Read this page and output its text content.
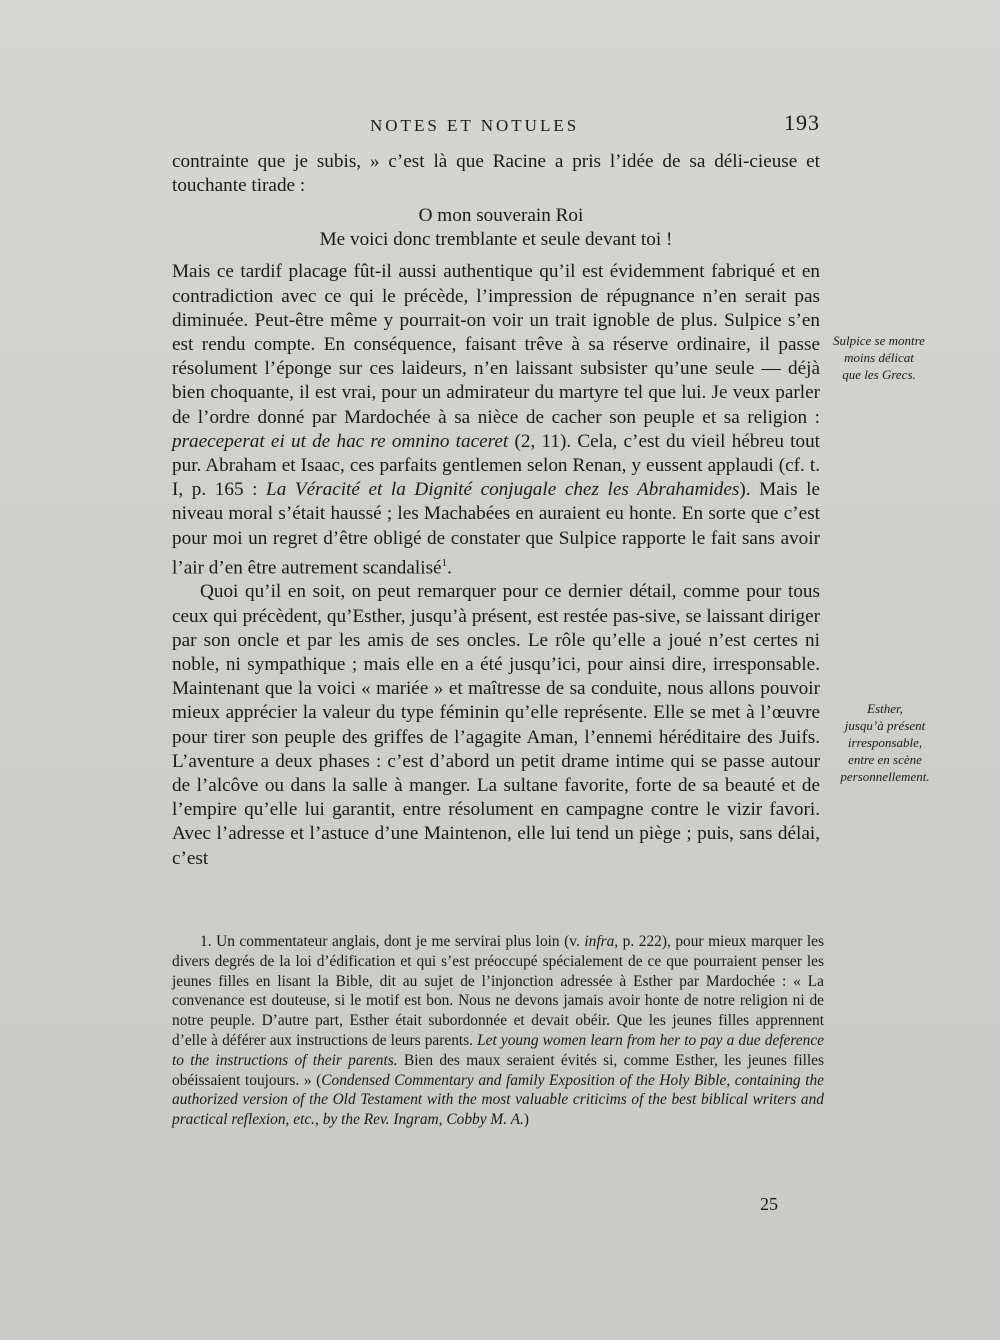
NOTES ET NOTULES	193

contrainte que je subis, » c’est là que Racine a pris l’idée de sa déli-cieuse et touchante tirade :

O mon souverain Roi
Me voici donc tremblante et seule devant toi !

Mais ce tardif placage fût-il aussi authentique qu’il est évidemment fabriqué et en contradiction avec ce qui le précède, l’impression de répugnance n’en serait pas diminuée. Peut-être même y pourrait-on voir un trait ignoble de plus. Sulpice s’en est rendu compte. En conséquence, faisant trêve à sa réserve ordinaire, il passe résolument l’éponge sur ces laideurs, n’en laissant subsister qu’une seule — déjà bien choquante, il est vrai, pour un admirateur du martyre tel que lui. Je veux parler de l’ordre donné par Mardochée à sa nièce de cacher son peuple et sa religion : praeceperat ei ut de hac re omnino taceret (2, 11). Cela, c’est du vieil hébreu tout pur. Abraham et Isaac, ces parfaits gentlemen selon Renan, y eussent applaudi (cf. t. I, p. 165 : La Véracité et la Dignité conjugale chez les Abrahamides). Mais le niveau moral s’était haussé ; les Machabées en auraient eu honte. En sorte que c’est pour moi un regret d’être obligé de constater que Sulpice rapporte le fait sans avoir l’air d’en être autrement scandalisé$^1$.

Quoi qu’il en soit, on peut remarquer pour ce dernier détail, comme pour tous ceux qui précèdent, qu’Esther, jusqu’à présent, est restée pas-sive, se laissant diriger par son oncle et par les amis de ses oncles. Le rôle qu’elle a joué n’est certes ni noble, ni sympathique ; mais elle en a été jusqu’ici, pour ainsi dire, irresponsable. Maintenant que la voici « mariée » et maîtresse de sa conduite, nous allons pouvoir mieux apprécier la valeur du type féminin qu’elle représente. Elle se met à l’œuvre pour tirer son peuple des griffes de l’agagite Aman, l’ennemi héréditaire des Juifs. L’aventure a deux phases : c’est d’abord un petit drame intime qui se passe autour de l’alcôve ou dans la salle à manger. La sultane favorite, forte de sa beauté et de l’empire qu’elle lui garantit, entre résolument en campagne contre le vizir favori. Avec l’adresse et l’astuce d’une Maintenon, elle lui tend un piège ; puis, sans délai, c’est

Sulpice se montre
moins délicat
que les Grecs.
Esther,
jusqu’à présent
irresponsable,
entre en scène
personnellement.

1. Un commentateur anglais, dont je me servirai plus loin (v. infra, p. 222), pour mieux marquer les divers degrés de la loi d’édification et qui s’est préoccupé spécialement de ce que pourraient penser les jeunes filles en lisant la Bible, dit au sujet de l’injonction adressée à Esther par Mardochée : « La convenance est douteuse, si le motif est bon. Nous ne devons jamais avoir honte de notre religion ni de notre peuple. D’autre part, Esther était subordonnée et devait obéir. Que les jeunes filles apprennent d’elle à déférer aux instructions de leurs parents. Let young women learn from her to pay a due deference to the instructions of their parents. Bien des maux seraient évités si, comme Esther, les jeunes filles obéissaient toujours. » (Condensed Commentary and family Exposition of the Holy Bible, containing the authorized version of the Old Testament with the most valuable criticims of the best biblical writers and practical reflexion, etc., by the Rev. Ingram, Cobby M. A.)

25
